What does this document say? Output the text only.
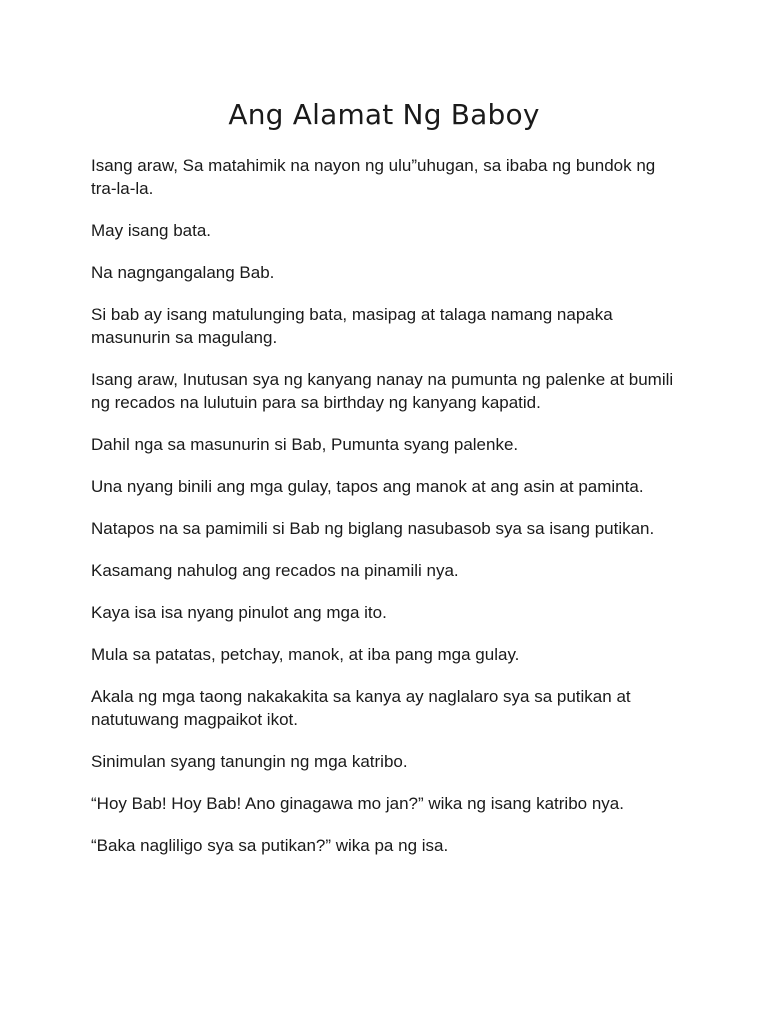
Ang Alamat Ng Baboy

Isang araw, Sa matahimik na nayon ng ulu”uhugan, sa ibaba ng bundok ng tra-la-la.

May isang bata.

Na nagngangalang Bab.

Si bab ay isang matulunging bata, masipag at talaga namang napaka masunurin sa magulang.

Isang araw, Inutusan sya ng kanyang nanay na pumunta ng palenke at bumili ng recados na lulutuin para sa birthday ng kanyang kapatid.

Dahil nga sa masunurin si Bab, Pumunta syang palenke.

Una nyang binili ang mga gulay, tapos ang manok at ang asin at paminta.

Natapos na sa pamimili si Bab ng biglang nasubasob sya sa isang putikan.

Kasamang nahulog ang recados na pinamili nya.

Kaya isa isa nyang pinulot ang mga ito.

Mula sa patatas, petchay, manok, at iba pang mga gulay.

Akala ng mga taong nakakakita sa kanya ay naglalaro sya sa putikan at natutuwang magpaikot ikot.

Sinimulan syang tanungin ng mga katribo.

“Hoy Bab! Hoy Bab! Ano ginagawa mo jan?” wika ng isang katribo nya.

“Baka nagliligo sya sa putikan?” wika pa ng isa.
